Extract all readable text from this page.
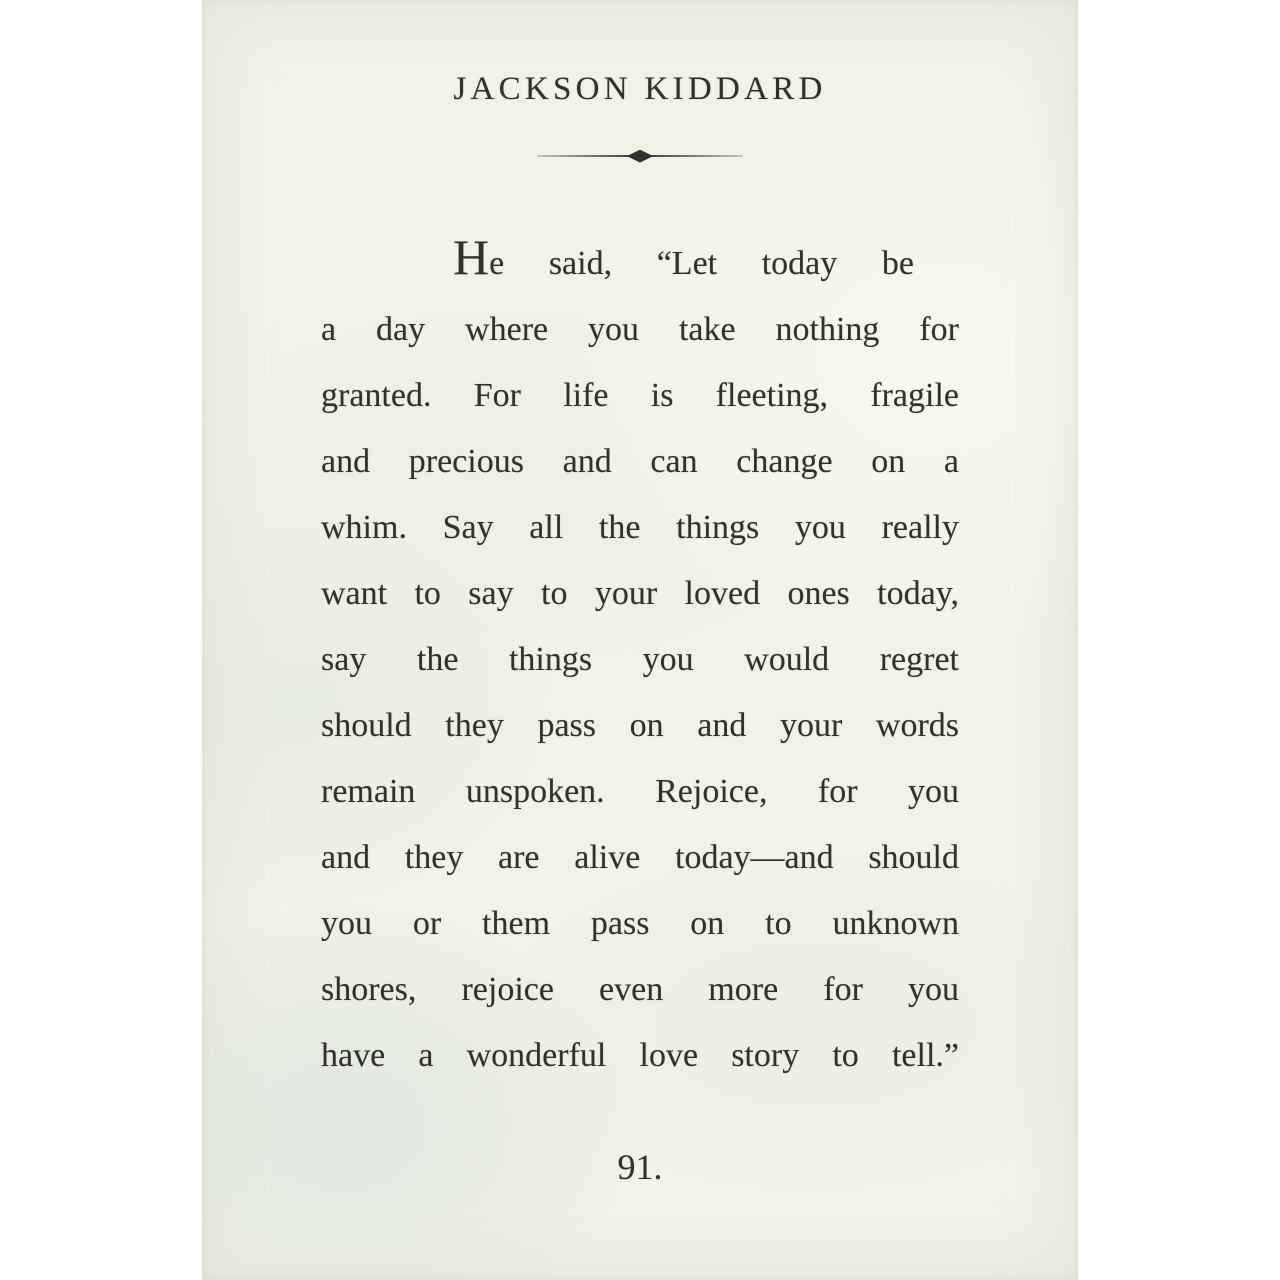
JACKSON KIDDARD
He said, “Let today be
a day where you take nothing for
granted. For life is fleeting, fragile
and precious and can change on a
whim. Say all the things you really
want to say to your loved ones today,
say the things you would regret
should they pass on and your words
remain unspoken. Rejoice, for you
and they are alive today—and should
you or them pass on to unknown
shores, rejoice even more for you
have a wonderful love story to tell.”
91.
